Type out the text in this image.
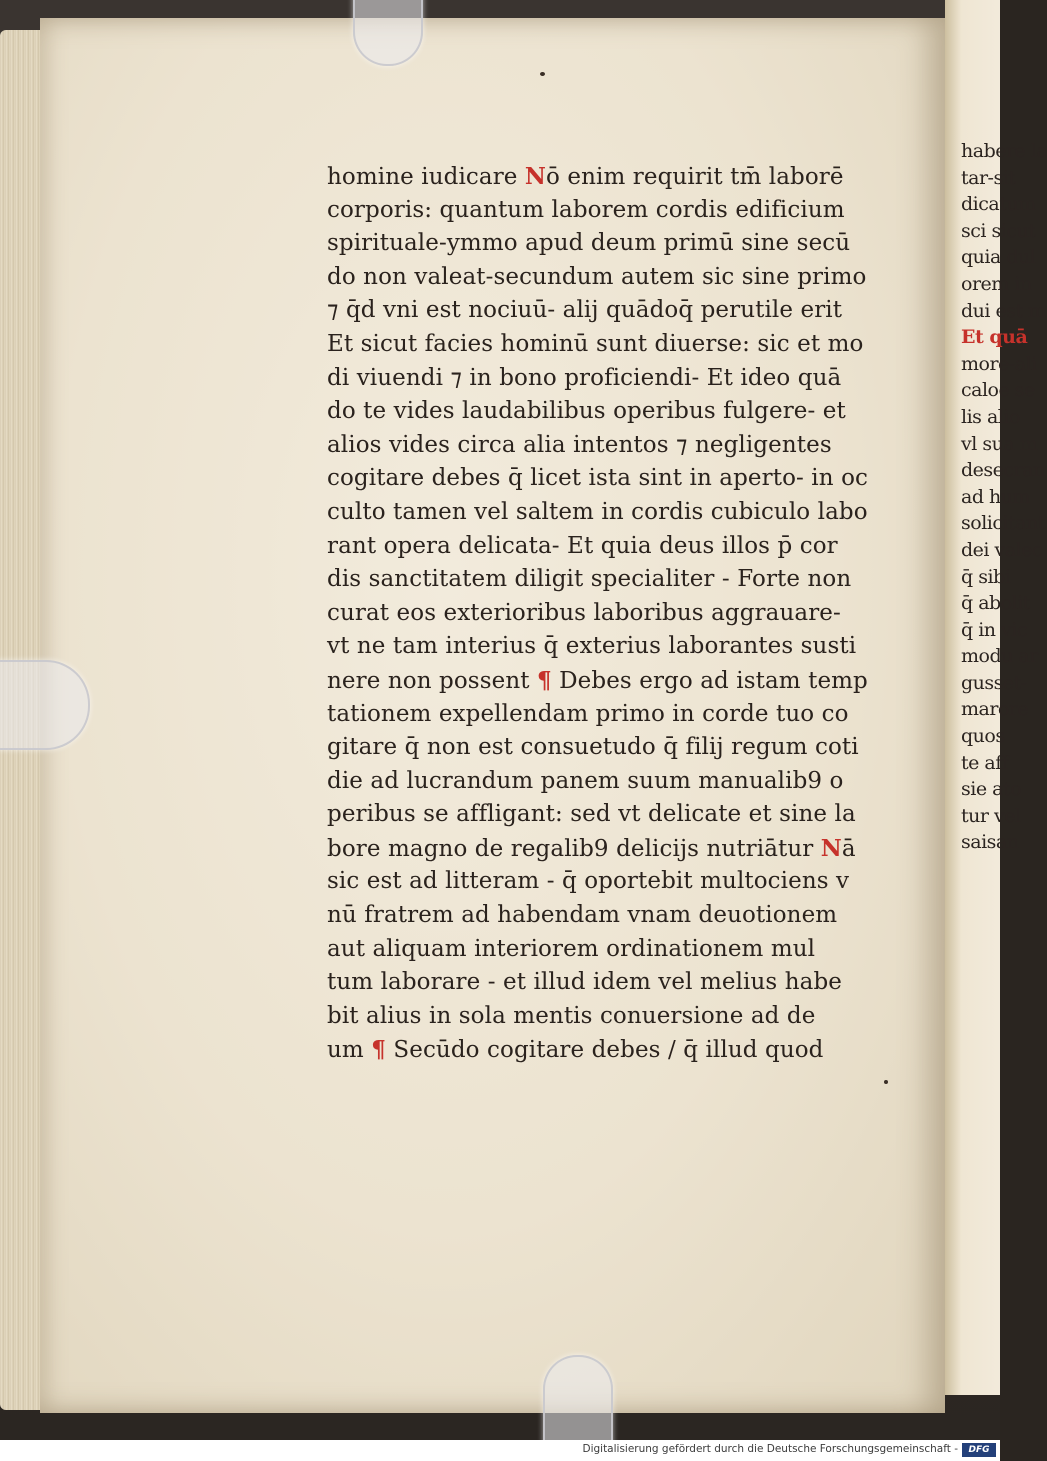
habere la
tar-sit
dicatum
sci sicut
quia dul
orem in
dui est m
Et quā
more-ali
caloe se
lis alio
vl sua m
desecran
ad hum
solicitant
dei valec
q̄ sibi
q̄ abolit
q̄ in vic
modu ar
gusset-
marore
quos
te aff
sie ato
tur vel
saisan
homine iudicare Nō enim requirit tm̄ laborē
corporis: quantum laborem cordis edificium
spirituale-ymmo apud deum primū sine secū
do non valeat-secundum autem sic sine primo
⁊ q̄d vni est nociuū- alij quādoq̄ perutile erit
Et sicut facies hominū sunt diuerse: sic et mo
di viuendi ⁊ in bono proficiendi- Et ideo quā
do te vides laudabilibus operibus fulgere- et
alios vides circa alia intentos ⁊ negligentes
cogitare debes q̄ licet ista sint in aperto- in oc
culto tamen vel saltem in cordis cubiculo labo
rant opera delicata- Et quia deus illos p̄ cor
dis sanctitatem diligit specialiter - Forte non
curat eos exterioribus laboribus aggrauare-
vt ne tam interius q̄ exterius laborantes susti
nere non possent ¶ Debes ergo ad istam temp
tationem expellendam primo in corde tuo co
gitare q̄ non est consuetudo q̄ filij regum coti
die ad lucrandum panem suum manualib9 o
peribus se affligant: sed vt delicate et sine la
bore magno de regalib9 delicijs nutriātur Nā
sic est ad litteram - q̄ oportebit multociens v
nū fratrem ad habendam vnam deuotionem
aut aliquam interiorem ordinationem mul
tum laborare - et illud idem vel melius habe
bit alius in sola mentis conuersione ad de
um ¶ Secūdo cogitare debes / q̄ illud quod
Digitalisierung gefördert durch die Deutsche Forschungsgemeinschaft -	DFG
